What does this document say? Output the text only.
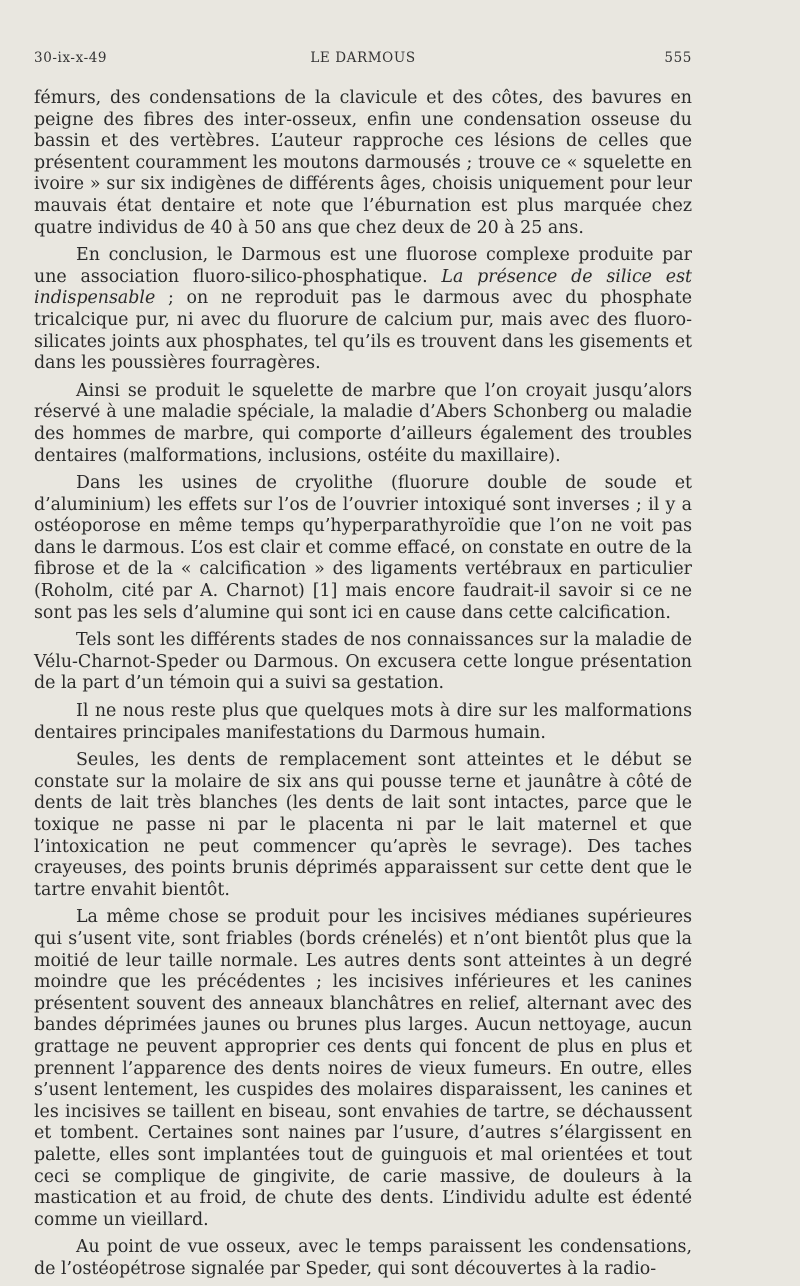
30-ix-x-49	LE DARMOUS	555

fémurs, des condensations de la clavicule et des côtes, des bavures en peigne des fibres des inter-osseux, enfin une condensation osseuse du bassin et des vertèbres. L’auteur rapproche ces lésions de celles que présentent couramment les moutons darmousés ; trouve ce « squelette en ivoire » sur six indigènes de différents âges, choisis uniquement pour leur mauvais état dentaire et note que l’éburnation est plus marquée chez quatre individus de 40 à 50 ans que chez deux de 20 à 25 ans.

En conclusion, le Darmous est une fluorose complexe produite par une association fluoro-silico-phosphatique. La présence de silice est indispensable ; on ne reproduit pas le darmous avec du phosphate tricalcique pur, ni avec du fluorure de calcium pur, mais avec des fluoro-silicates joints aux phosphates, tel qu’ils es trouvent dans les gisements et dans les poussières fourragères.

Ainsi se produit le squelette de marbre que l’on croyait jusqu’alors réservé à une maladie spéciale, la maladie d’Abers Schonberg ou maladie des hommes de marbre, qui comporte d’ailleurs également des troubles dentaires (malformations, inclusions, ostéite du maxillaire).

Dans les usines de cryolithe (fluorure double de soude et d’aluminium) les effets sur l’os de l’ouvrier intoxiqué sont inverses ; il y a ostéoporose en même temps qu’hyperparathyroïdie que l’on ne voit pas dans le darmous. L’os est clair et comme effacé, on constate en outre de la fibrose et de la « calcification » des ligaments vertébraux en particulier (Roholm, cité par A. Charnot) [1] mais encore faudrait-il savoir si ce ne sont pas les sels d’alumine qui sont ici en cause dans cette calcification.

Tels sont les différents stades de nos connaissances sur la maladie de Vélu-Charnot-Speder ou Darmous. On excusera cette longue présentation de la part d’un témoin qui a suivi sa gestation.

Il ne nous reste plus que quelques mots à dire sur les malformations dentaires principales manifestations du Darmous humain.

Seules, les dents de remplacement sont atteintes et le début se constate sur la molaire de six ans qui pousse terne et jaunâtre à côté de dents de lait très blanches (les dents de lait sont intactes, parce que le toxique ne passe ni par le placenta ni par le lait maternel et que l’intoxication ne peut commencer qu’après le sevrage). Des taches crayeuses, des points brunis déprimés apparaissent sur cette dent que le tartre envahit bientôt.

La même chose se produit pour les incisives médianes supérieures qui s’usent vite, sont friables (bords crénelés) et n’ont bientôt plus que la moitié de leur taille normale. Les autres dents sont atteintes à un degré moindre que les précédentes ; les incisives inférieures et les canines présentent souvent des anneaux blanchâtres en relief, alternant avec des bandes déprimées jaunes ou brunes plus larges. Aucun nettoyage, aucun grattage ne peuvent approprier ces dents qui foncent de plus en plus et prennent l’apparence des dents noires de vieux fumeurs. En outre, elles s’usent lentement, les cuspides des molaires disparaissent, les canines et les incisives se taillent en biseau, sont envahies de tartre, se déchaussent et tombent. Certaines sont naines par l’usure, d’autres s’élargissent en palette, elles sont implantées tout de guinguois et mal orientées et tout ceci se complique de gingivite, de carie massive, de douleurs à la mastication et au froid, de chute des dents. L’individu adulte est édenté comme un vieillard.

Au point de vue osseux, avec le temps paraissent les condensations, de l’ostéopétrose signalée par Speder, qui sont découvertes à la radio-
